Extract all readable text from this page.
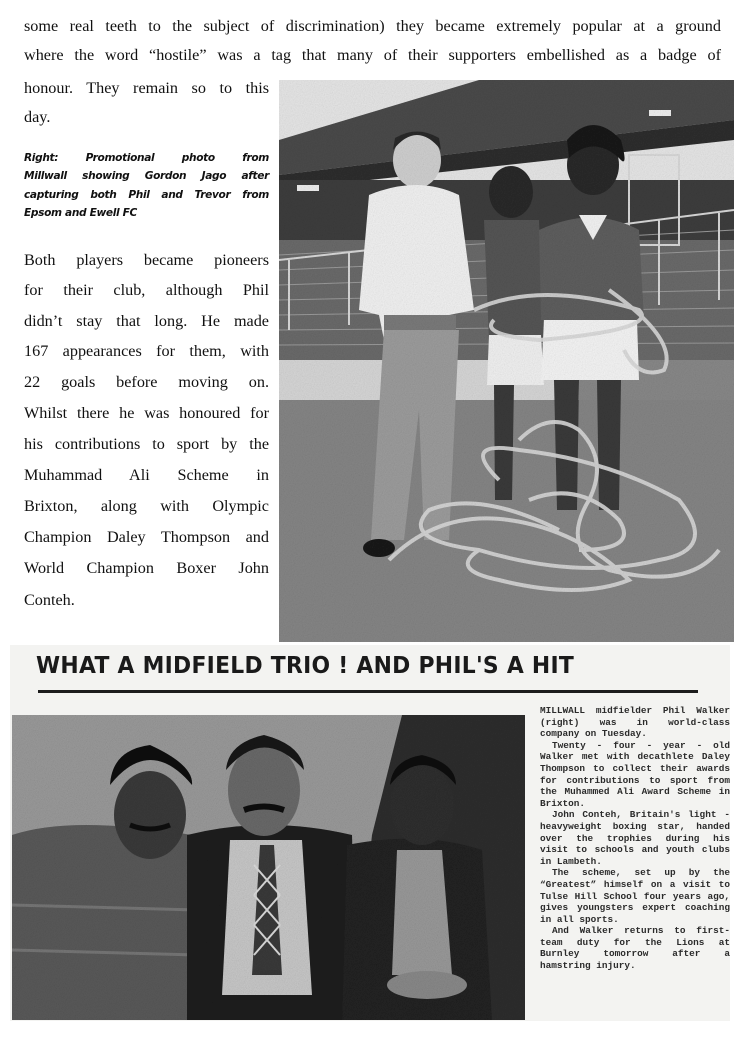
some real teeth to the subject of discrimination) they became extremely popular at a ground
where the word “hostile” was a tag that many of their supporters embellished as a badge of
honour. They remain so to this
day.
Right: Promotional photo from
Millwall showing Gordon Jago after
capturing both Phil and Trevor from
Epsom and Ewell FC
Both players became pioneers
for their club, although Phil
didn’t stay that long. He made
167 appearances for them, with
22 goals before moving on.
Whilst there he was honoured for
his contributions to sport by the
Muhammad Ali Scheme in
Brixton, along with Olympic
Champion Daley Thompson and
World Champion Boxer John
Conteh.
WHAT A MIDFIELD TRIO ! AND PHIL'S A HIT

MILLWALL midfielder Phil Walker (right) was in world-class company on Tuesday.

Twenty - four - year - old Walker met with decathlete Daley Thompson to collect their awards for contributions to sport from the Muhammed Ali Award Scheme in Brixton.

John Conteh, Britain's light - heavyweight boxing star, handed over the trophies during his visit to schools and youth clubs in Lambeth.

The scheme, set up by the “Greatest” himself on a visit to Tulse Hill School four years ago, gives youngsters expert coaching in all sports.

And Walker returns to first-team duty for the Lions at Burnley tomorrow after a hamstring injury.
